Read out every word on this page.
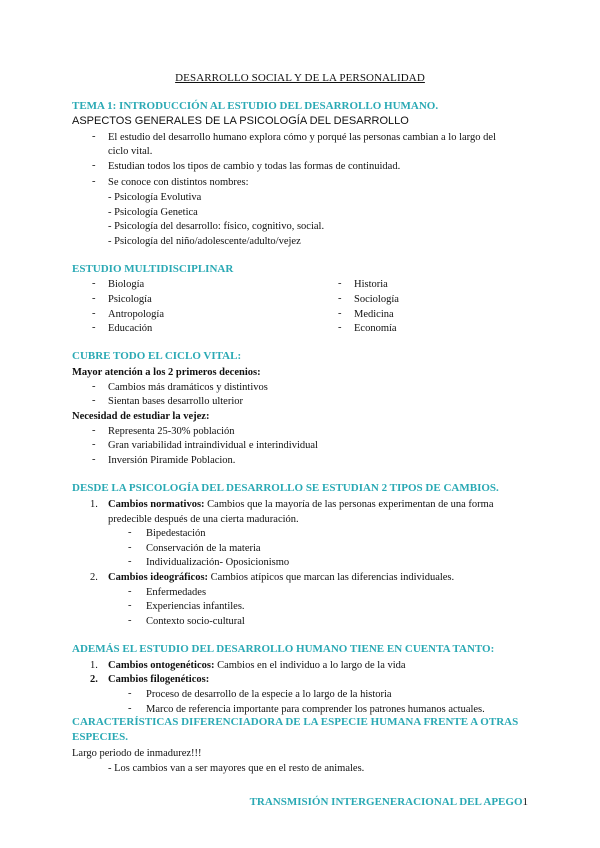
DESARROLLO SOCIAL Y DE LA PERSONALIDAD
TEMA 1: INTRODUCCIÓN AL ESTUDIO DEL DESARROLLO HUMANO.
ASPECTOS GENERALES DE LA PSICOLOGÍA DEL DESARROLLO
- El estudio del desarrollo humano explora cómo y porqué las personas cambian a lo largo del
ciclo vital.
- Estudian todos los tipos de cambio y todas las formas de continuidad.
- Se conoce con distintos nombres:
- Psicología Evolutiva
- Psicología Genetica
- Psicología del desarrollo: físico, cognitivo, social.
- Psicología del niño/adolescente/adulto/vejez
ESTUDIO MULTIDISCIPLINAR
- Biología
- Psicología
- Antropología
- Educación
- Historia
- Sociología
- Medicina
- Economía
CUBRE TODO EL CICLO VITAL:
Mayor atención a los 2 primeros decenios:
- Cambios más dramáticos y distintivos
- Sientan bases desarrollo ulterior
Necesidad de estudiar la vejez:
- Representa 25-30% población
- Gran variabilidad intraindividual e interindividual
- Inversión Piramide Poblacion.
DESDE LA PSICOLOGÍA DEL DESARROLLO SE ESTUDIAN 2 TIPOS DE CAMBIOS.
1. Cambios normativos: Cambios que la mayoría de las personas experimentan de una forma
predecible después de una cierta maduración.
- Bipedestación
- Conservación de la materia
- Individualización- Oposicionismo
2. Cambios ideográficos: Cambios atípicos que marcan las diferencias individuales.
- Enfermedades
- Experiencias infantiles.
- Contexto socio-cultural
ADEMÁS EL ESTUDIO DEL DESARROLLO HUMANO TIENE EN CUENTA TANTO:
1. Cambios ontogenéticos: Cambios en el individuo a lo largo de la vida
2. Cambios filogenéticos:
- Proceso de desarrollo de la especie a lo largo de la historia
- Marco de referencia importante para comprender los patrones humanos actuales.
CARACTERÍSTICAS DIFERENCIADORA DE LA ESPECIE HUMANA FRENTE A OTRAS
ESPECIES.
Largo periodo de inmadurez!!!
- Los cambios van a ser mayores que en el resto de animales.
TRANSMISIÓN INTERGENERACIONAL DEL APEGO1
